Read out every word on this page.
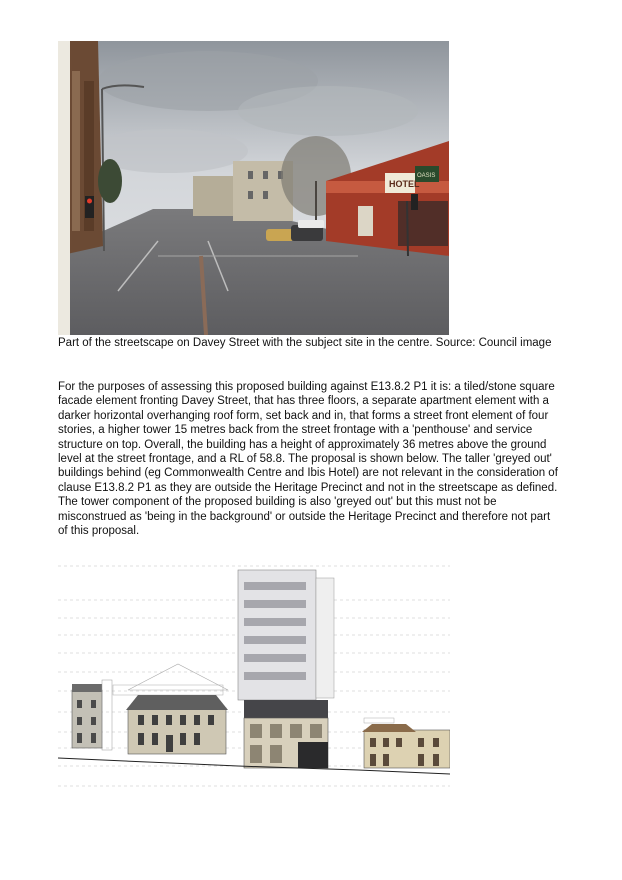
HOTEL
OASIS
Part of the streetscape on Davey Street with the subject site in the centre. Source: Council image
For the purposes of assessing this proposed building against E13.8.2 P1 it is: a tiled/stone square facade element fronting Davey Street, that has three floors, a separate apartment element with a darker horizontal overhanging roof form, set back and in, that forms a street front element of four stories, a higher tower 15 metres back from the street frontage with a 'penthouse' and service structure on top. Overall, the building has a height of approximately 36 metres above the ground level at the street frontage, and a RL of 58.8. The proposal is shown below. The taller 'greyed out' buildings behind (eg Commonwealth Centre and Ibis Hotel) are not relevant in the consideration of clause E13.8.2 P1 as they are outside the Heritage Precinct and not in the streetscape as defined. The tower component of the proposed building is also 'greyed out' but this must not be misconstrued as 'being in the background' or outside the Heritage Precinct and therefore not part of this proposal.
